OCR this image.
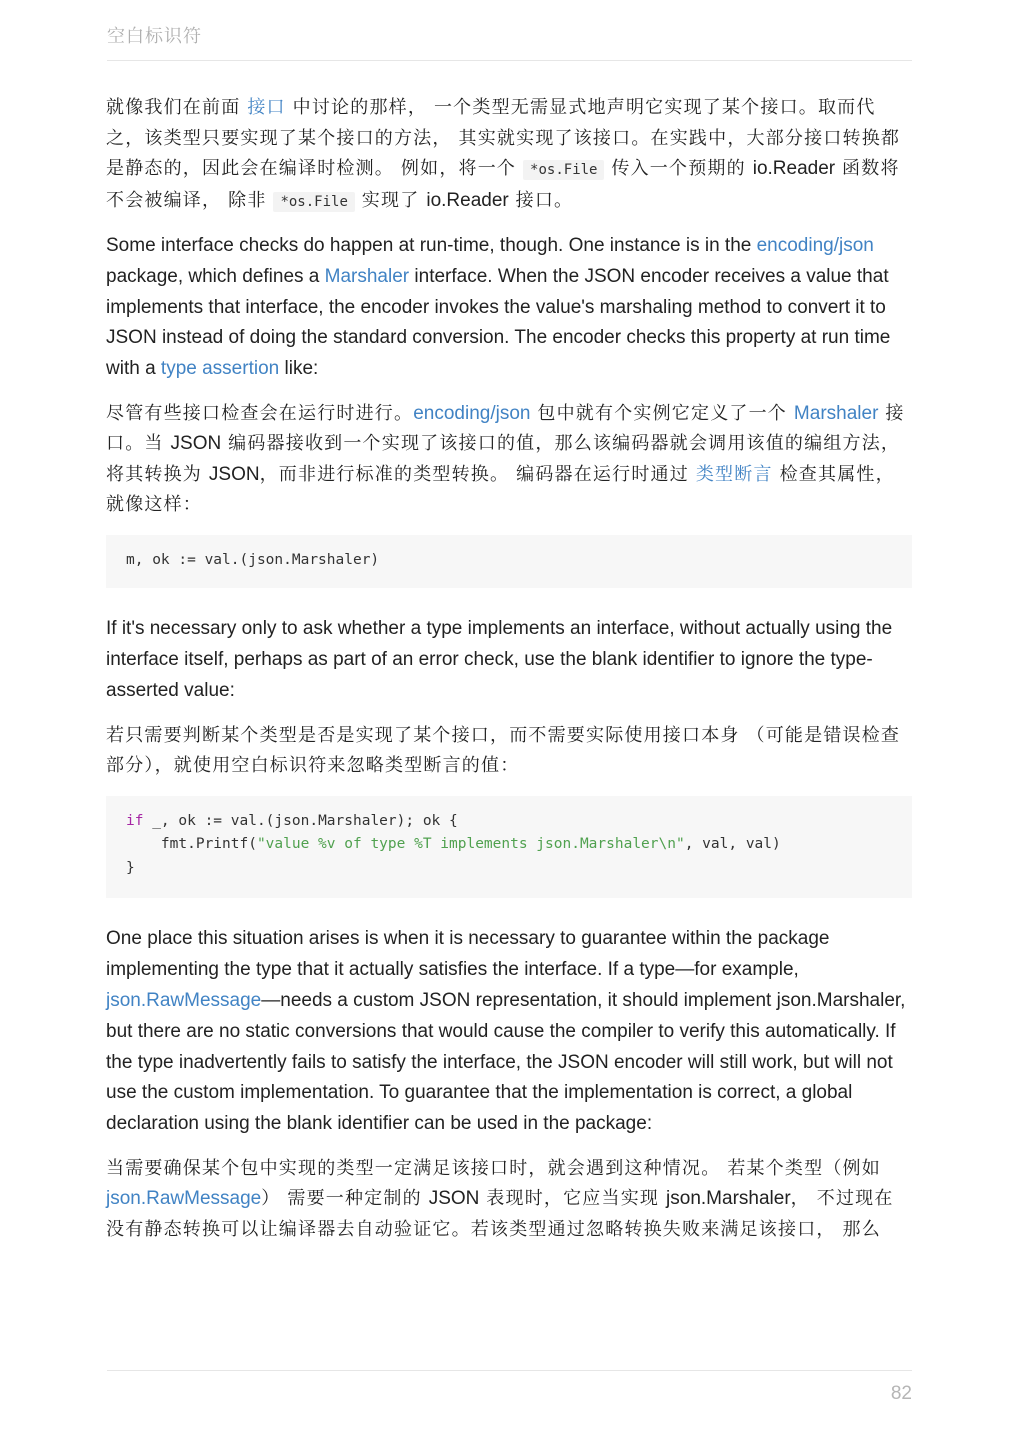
空白标识符

就像我们在前面 接口 中讨论的那样， 一个类型无需显式地声明它实现了某个接口。取而代之，该类型只要实现了某个接口的方法， 其实就实现了该接口。在实践中，大部分接口转换都是静态的，因此会在编译时检测。 例如，将一个 *os.File 传入一个预期的 io.Reader 函数将不会被编译， 除非 *os.File 实现了 io.Reader 接口。

Some interface checks do happen at run-time, though. One instance is in the encoding/json package, which defines a Marshaler interface. When the JSON encoder receives a value that implements that interface, the encoder invokes the value's marshaling method to convert it to JSON instead of doing the standard conversion. The encoder checks this property at run time with a type assertion like:

尽管有些接口检查会在运行时进行。encoding/json 包中就有个实例它定义了一个 Marshaler 接口。当 JSON 编码器接收到一个实现了该接口的值，那么该编码器就会调用该值的编组方法， 将其转换为 JSON，而非进行标准的类型转换。 编码器在运行时通过 类型断言 检查其属性，就像这样：

m, ok := val.(json.Marshaler)

If it's necessary only to ask whether a type implements an interface, without actually using the interface itself, perhaps as part of an error check, use the blank identifier to ignore the type-asserted value:

若只需要判断某个类型是否是实现了某个接口，而不需要实际使用接口本身 （可能是错误检查部分），就使用空白标识符来忽略类型断言的值：

if _, ok := val.(json.Marshaler); ok {
fmt.Printf("value %v of type %T implements json.Marshaler\n", val, val)
}

One place this situation arises is when it is necessary to guarantee within the package implementing the type that it actually satisfies the interface. If a type—for example, json.RawMessage—needs a custom JSON representation, it should implement json.Marshaler, but there are no static conversions that would cause the compiler to verify this automatically. If the type inadvertently fails to satisfy the interface, the JSON encoder will still work, but will not use the custom implementation. To guarantee that the implementation is correct, a global declaration using the blank identifier can be used in the package:

当需要确保某个包中实现的类型一定满足该接口时，就会遇到这种情况。 若某个类型（例如 json.RawMessage） 需要一种定制的 JSON 表现时，它应当实现 json.Marshaler， 不过现在没有静态转换可以让编译器去自动验证它。若该类型通过忽略转换失败来满足该接口， 那么

82
